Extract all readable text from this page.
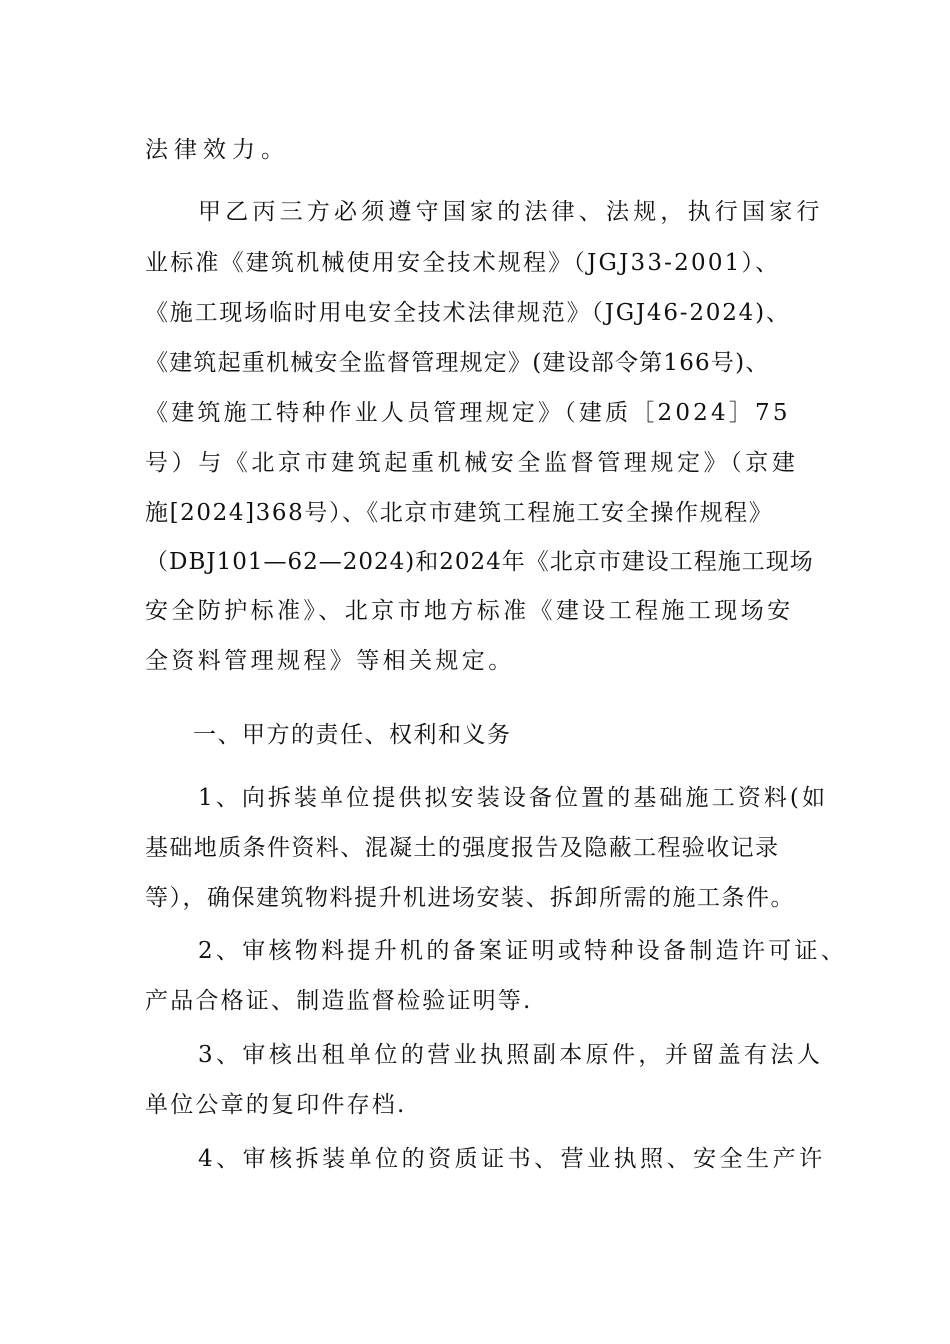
法律效力。
甲乙丙三方必须遵守国家的法律、法规，执行国家行
业标准《建筑机械使用安全技术规程》（JGJ33-2001）、
《施工现场临时用电安全技术法律规范》（JGJ46-2024)、
《建筑起重机械安全监督管理规定》(建设部令第166号)、
《建筑施工特种作业人员管理规定》（建质［2024］75
号）与《北京市建筑起重机械安全监督管理规定》（京建
施[2024]368号）、《北京市建筑工程施工安全操作规程》
（DBJ101—62—2024)和2024年《北京市建设工程施工现场
安全防护标准》、北京市地方标准《建设工程施工现场安
全资料管理规程》等相关规定。
一、甲方的责任、权利和义务
1、向拆装单位提供拟安装设备位置的基础施工资料(如
基础地质条件资料、混凝土的强度报告及隐蔽工程验收记录
等），确保建筑物料提升机进场安装、拆卸所需的施工条件。
2、审核物料提升机的备案证明或特种设备制造许可证、
产品合格证、制造监督检验证明等.
3、审核出租单位的营业执照副本原件，并留盖有法人
单位公章的复印件存档.
4、审核拆装单位的资质证书、营业执照、安全生产许
